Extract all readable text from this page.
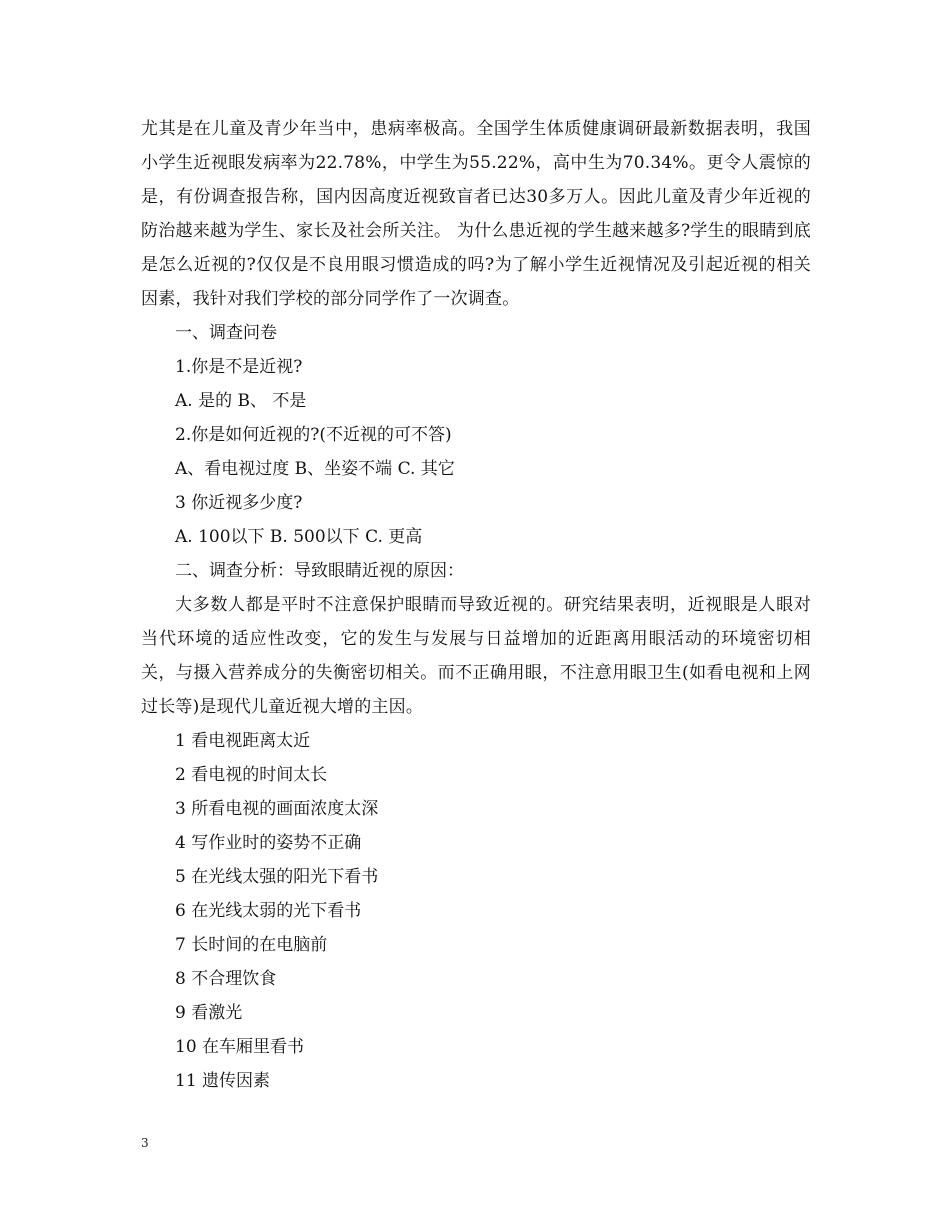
尤其是在儿童及青少年当中，患病率极高。全国学生体质健康调研最新数据表明，我国小学生近视眼发病率为22.78%，中学生为55.22%，高中生为70.34%。更令人震惊的是，有份调查报告称，国内因高度近视致盲者已达30多万人。因此儿童及青少年近视的防治越来越为学生、家长及社会所关注。 为什么患近视的学生越来越多?学生的眼睛到底是怎么近视的?仅仅是不良用眼习惯造成的吗?为了解小学生近视情况及引起近视的相关因素，我针对我们学校的部分同学作了一次调查。

一、调查问卷

1.你是不是近视?

A. 是的 B、 不是

2.你是如何近视的?(不近视的可不答)

A、看电视过度 B、坐姿不端 C. 其它

3 你近视多少度?

A. 100以下 B. 500以下 C. 更高

二、调查分析：导致眼睛近视的原因：

大多数人都是平时不注意保护眼睛而导致近视的。研究结果表明，近视眼是人眼对当代环境的适应性改变，它的发生与发展与日益增加的近距离用眼活动的环境密切相关，与摄入营养成分的失衡密切相关。而不正确用眼，不注意用眼卫生(如看电视和上网过长等)是现代儿童近视大增的主因。

1 看电视距离太近

2 看电视的时间太长

3 所看电视的画面浓度太深

4 写作业时的姿势不正确

5 在光线太强的阳光下看书

6 在光线太弱的光下看书

7 长时间的在电脑前

8 不合理饮食

9 看激光

10 在车厢里看书

11 遗传因素

3
